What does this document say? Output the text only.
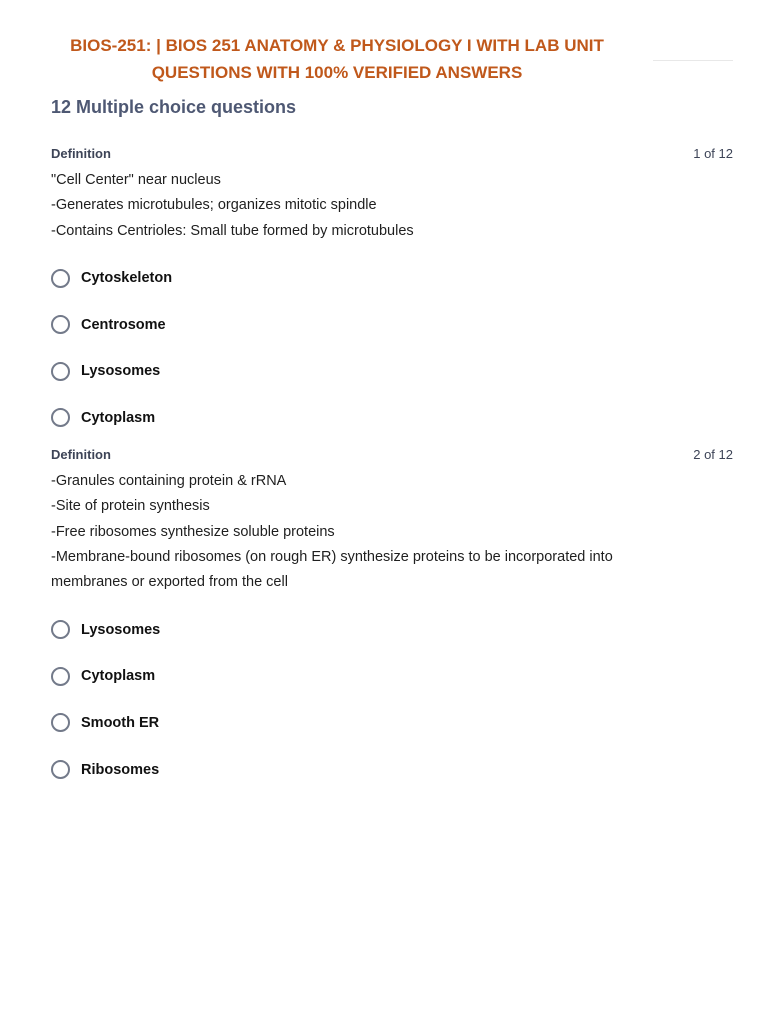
BIOS-251: | BIOS 251 ANATOMY & PHYSIOLOGY I WITH LAB UNIT
QUESTIONS WITH 100% VERIFIED ANSWERS
12 Multiple choice questions
Definition	1 of 12
"Cell Center" near nucleus
-Generates microtubules; organizes mitotic spindle
-Contains Centrioles: Small tube formed by microtubules
Cytoskeleton
Centrosome
Lysosomes
Cytoplasm
Definition	2 of 12
-Granules containing protein & rRNA
-Site of protein synthesis
-Free ribosomes synthesize soluble proteins
-Membrane-bound ribosomes (on rough ER) synthesize proteins to be incorporated into
membranes or exported from the cell
Lysosomes
Cytoplasm
Smooth ER
Ribosomes
